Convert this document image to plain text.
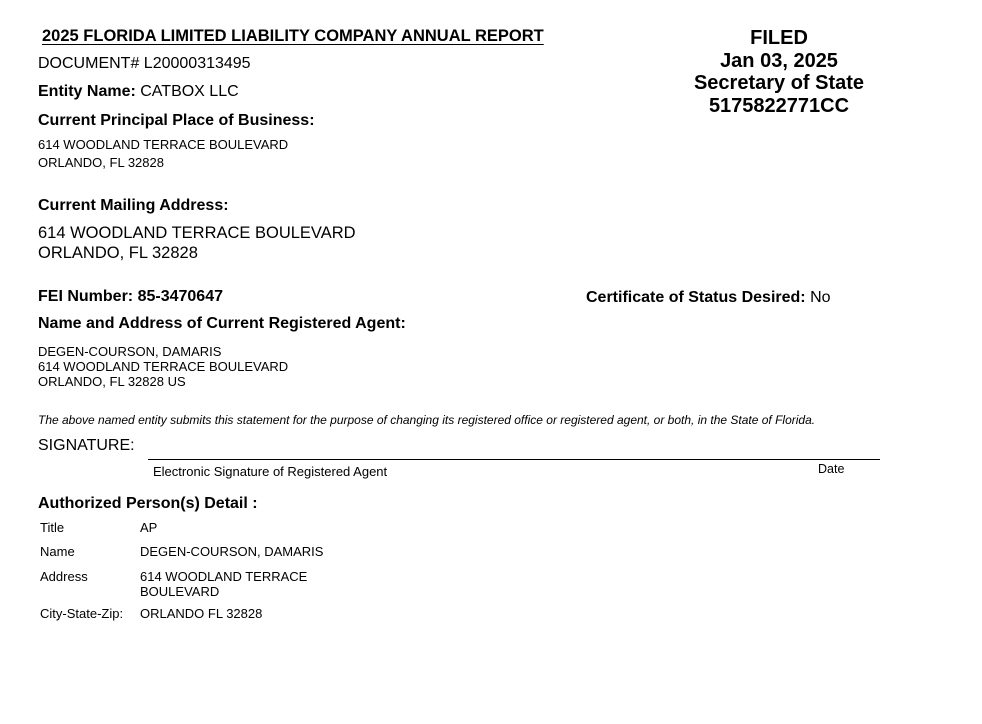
2025 FLORIDA LIMITED LIABILITY COMPANY ANNUAL REPORT	FILED
Jan 03, 2025
Secretary of State
5175822771CC
DOCUMENT# L20000313495
Entity Name: CATBOX LLC
Current Principal Place of Business:
614 WOODLAND TERRACE BOULEVARD
ORLANDO, FL 32828
Current Mailing Address:
614 WOODLAND TERRACE BOULEVARD
ORLANDO, FL 32828
FEI Number: 85-3470647	Certificate of Status Desired: No
Name and Address of Current Registered Agent:
DEGEN-COURSON, DAMARIS
614 WOODLAND TERRACE BOULEVARD
ORLANDO, FL 32828 US
The above named entity submits this statement for the purpose of changing its registered office or registered agent, or both, in the State of Florida.
SIGNATURE:
Electronic Signature of Registered Agent	Date
Authorized Person(s) Detail :
Title	AP
Name	DEGEN-COURSON, DAMARIS
Address	614 WOODLAND TERRACE
BOULEVARD
City-State-Zip: ORLANDO FL 32828
